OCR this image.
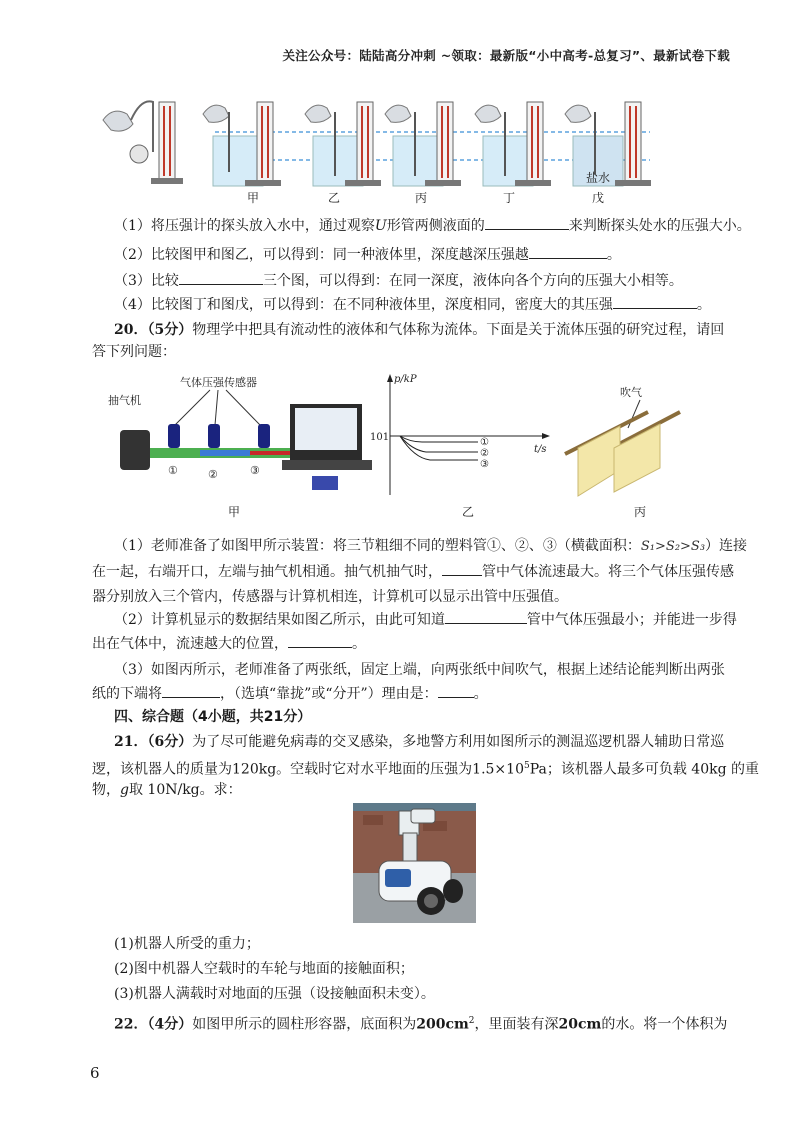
关注公众号：陆陆高分冲刺 ~领取：最新版“小中高考-总复习”、最新试卷下载
盐水
甲	乙	丙	丁	戊
（1）将压强计的探头放入水中，通过观察U形管两侧液面的	来判断探头处水的压强大小。
（2）比较图甲和图乙，可以得到：同一种液体里，深度越深压强越	。
（3）比较	三个图，可以得到：在同一深度，液体向各个方向的压强大小相等。
（4）比较图丁和图戊，可以得到：在不同种液体里，深度相同，密度大的其压强	。
20．（5分）物理学中把具有流动性的液体和气体称为流体。下面是关于流体压强的研究过程，请回
答下列问题：
抽气机
气体压强传感器
①	②	③
甲
p/kP
t/s
101	①
②
③
乙
吹气
丙
（1）老师准备了如图甲所示装置：将三节粗细不同的塑料管①、②、③（横截面积：S₁>S₂>S₃）连接
在一起，右端开口，左端与抽气机相通。抽气机抽气时，	管中气体流速最大。将三个气体压强传感
器分别放入三个管内，传感器与计算机相连，计算机可以显示出管中压强值。
（2）计算机显示的数据结果如图乙所示，由此可知道	管中气体压强最小；并能进一步得
出在气体中，流速越大的位置，	。
（3）如图丙所示，老师准备了两张纸，固定上端，向两张纸中间吹气，根据上述结论能判断出两张
纸的下端将	，（选填“靠拢”或“分开”）理由是：	。
四、综合题（4小题，共21分）
21．（6分）为了尽可能避免病毒的交叉感染，多地警方利用如图所示的测温巡逻机器人辅助日常巡
逻，该机器人的质量为120kg。空载时它对水平地面的压强为$1.5\times 10^5Pa$；该机器人最多可负载 40kg 的重
物，g取 10N/kg。求：
(1)机器人所受的重力；
(2)图中机器人空载时的车轮与地面的接触面积；
(3)机器人满载时对地面的压强（设接触面积未变）。
22．（4分）如图甲所示的圆柱形容器，底面积为$200cm^2$，里面装有深20cm的水。将一个体积为
6
